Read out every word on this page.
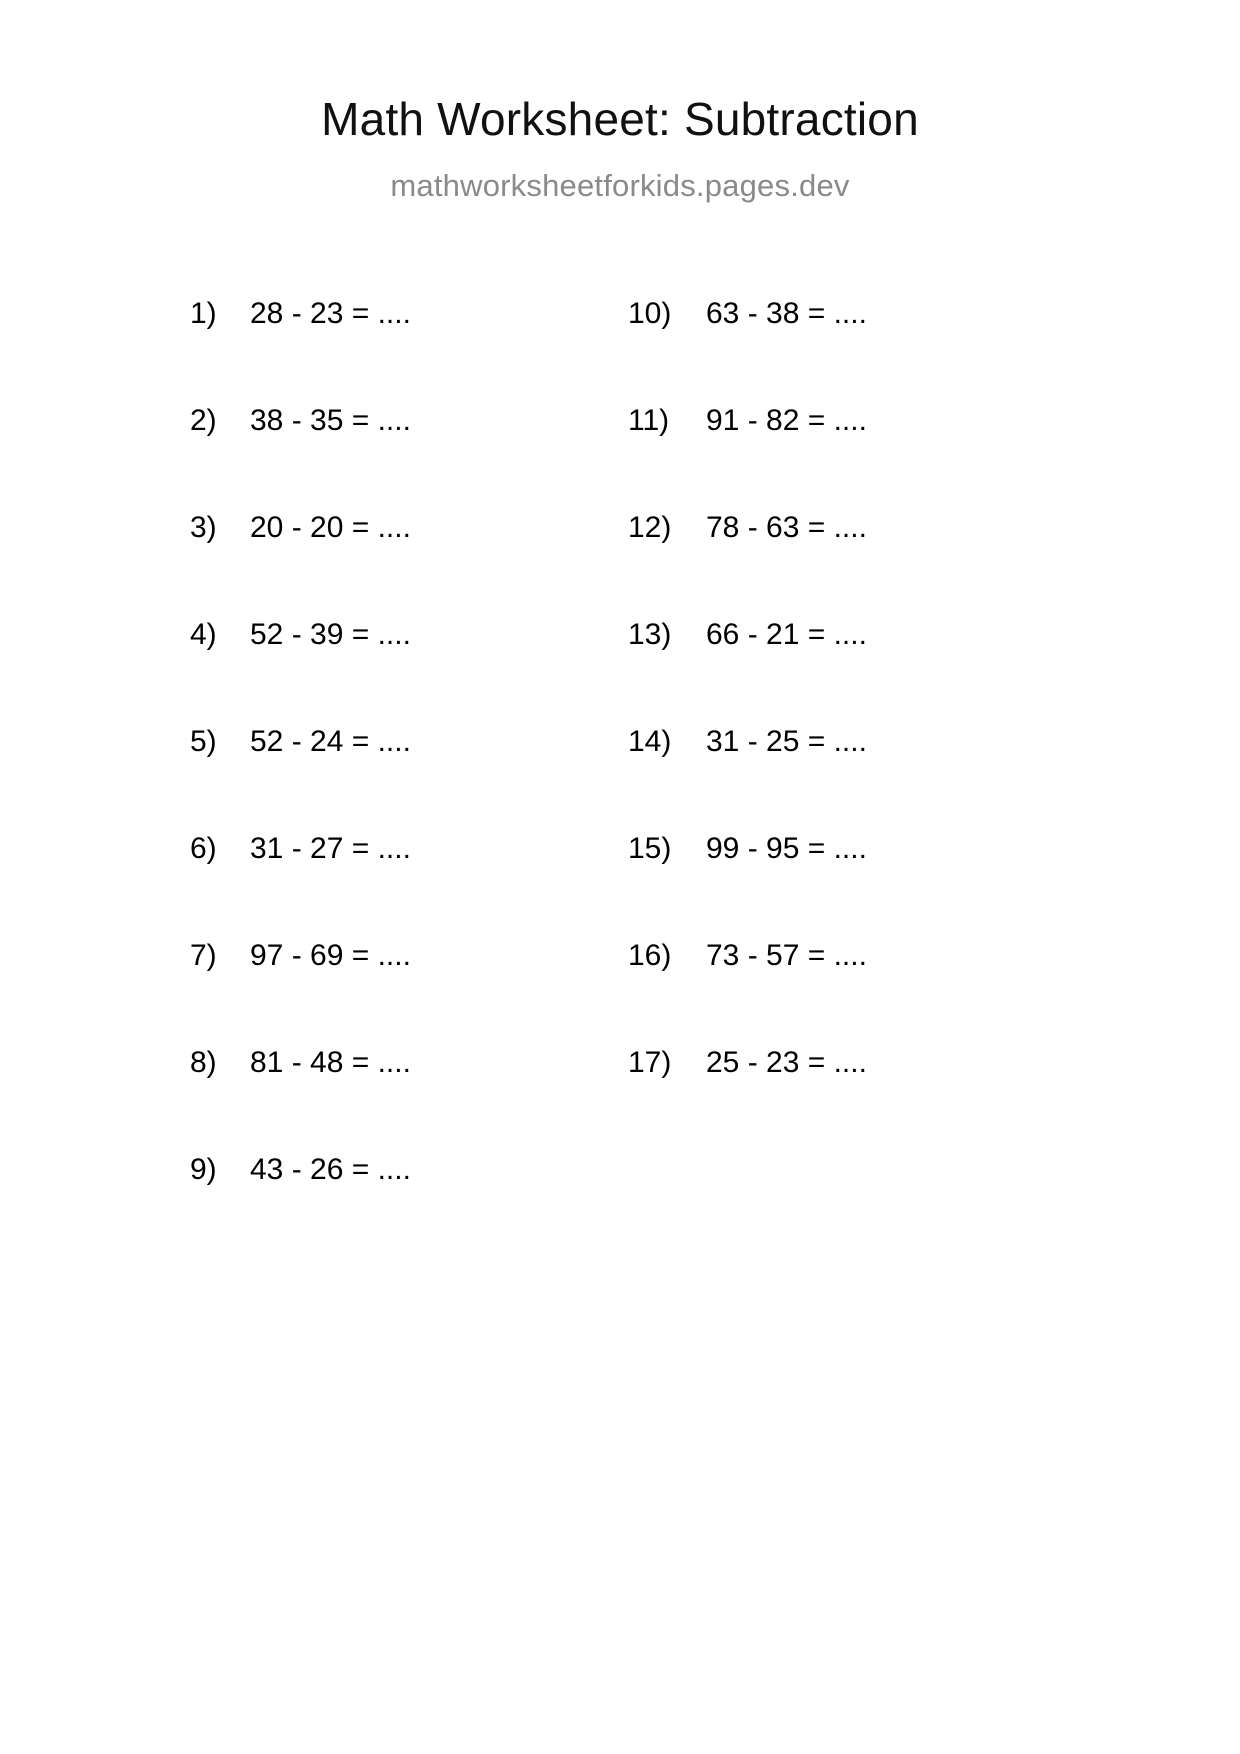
Math Worksheet: Subtraction
mathworksheetforkids.pages.dev
1)	28 - 23 = ....
2)	38 - 35 = ....
3)	20 - 20 = ....
4)	52 - 39 = ....
5)	52 - 24 = ....
6)	31 - 27 = ....
7)	97 - 69 = ....
8)	81 - 48 = ....
9)	43 - 26 = ....
10)	63 - 38 = ....
11)	91 - 82 = ....
12)	78 - 63 = ....
13)	66 - 21 = ....
14)	31 - 25 = ....
15)	99 - 95 = ....
16)	73 - 57 = ....
17)	25 - 23 = ....
